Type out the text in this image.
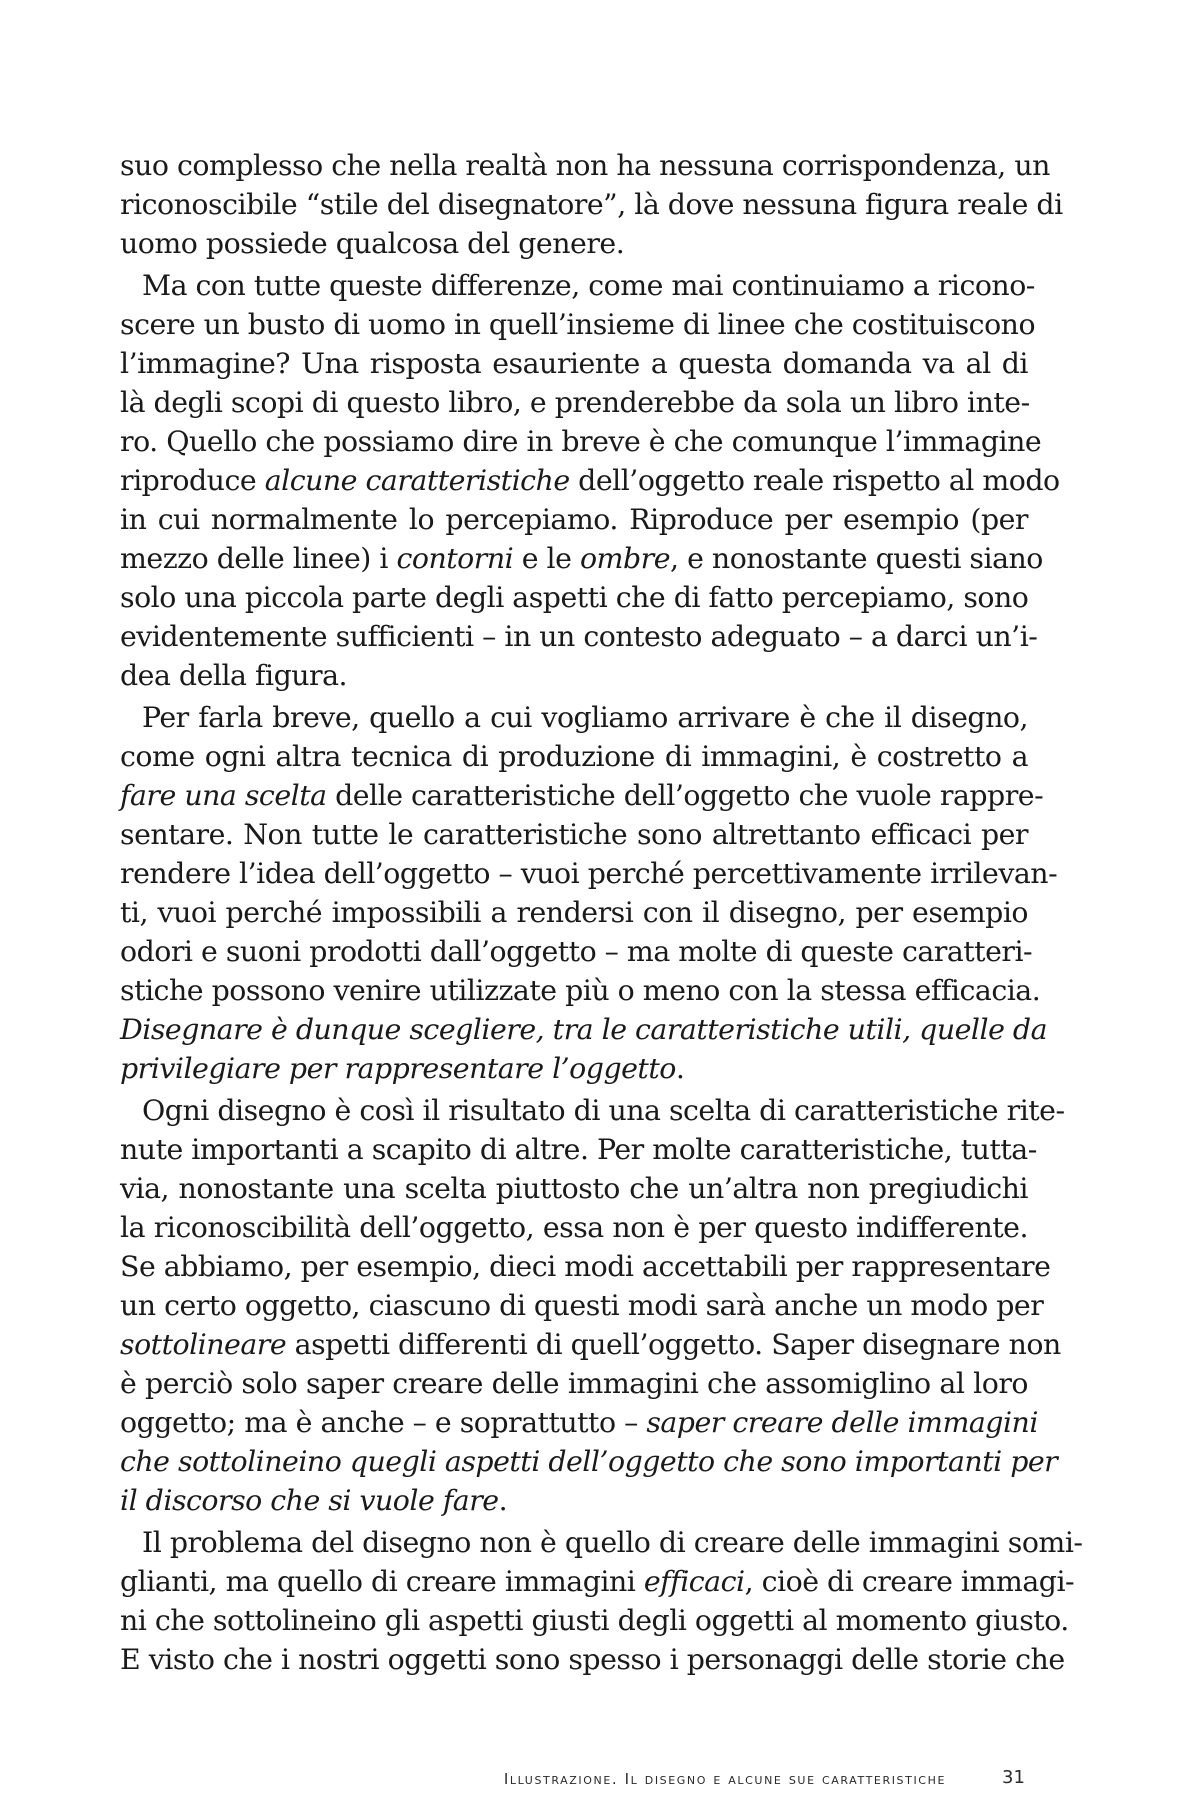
suo complesso che nella realtà non ha nessuna corrispondenza, un
riconoscibile “stile del disegnatore”, là dove nessuna figura reale di
uomo possiede qualcosa del genere.
Ma con tutte queste differenze, come mai continuiamo a ricono-
scere un busto di uomo in quell’insieme di linee che costituiscono
l’immagine? Una risposta esauriente a questa domanda va al di
là degli scopi di questo libro, e prenderebbe da sola un libro inte-
ro. Quello che possiamo dire in breve è che comunque l’immagine
riproduce alcune caratteristiche dell’oggetto reale rispetto al modo
in cui normalmente lo percepiamo. Riproduce per esempio (per
mezzo delle linee) i contorni e le ombre, e nonostante questi siano
solo una piccola parte degli aspetti che di fatto percepiamo, sono
evidentemente sufficienti – in un contesto adeguato – a darci un’i-
dea della figura.
Per farla breve, quello a cui vogliamo arrivare è che il disegno,
come ogni altra tecnica di produzione di immagini, è costretto a
fare una scelta delle caratteristiche dell’oggetto che vuole rappre-
sentare. Non tutte le caratteristiche sono altrettanto efficaci per
rendere l’idea dell’oggetto – vuoi perché percettivamente irrilevan-
ti, vuoi perché impossibili a rendersi con il disegno, per esempio
odori e suoni prodotti dall’oggetto – ma molte di queste caratteri-
stiche possono venire utilizzate più o meno con la stessa efficacia.
Disegnare è dunque scegliere, tra le caratteristiche utili, quelle da
privilegiare per rappresentare l’oggetto.
Ogni disegno è così il risultato di una scelta di caratteristiche rite-
nute importanti a scapito di altre. Per molte caratteristiche, tutta-
via, nonostante una scelta piuttosto che un’altra non pregiudichi
la riconoscibilità dell’oggetto, essa non è per questo indifferente.
Se abbiamo, per esempio, dieci modi accettabili per rappresentare
un certo oggetto, ciascuno di questi modi sarà anche un modo per
sottolineare aspetti differenti di quell’oggetto. Saper disegnare non
è perciò solo saper creare delle immagini che assomiglino al loro
oggetto; ma è anche – e soprattutto – saper creare delle immagini
che sottolineino quegli aspetti dell’oggetto che sono importanti per
il discorso che si vuole fare.
Il problema del disegno non è quello di creare delle immagini somi-
glianti, ma quello di creare immagini efficaci, cioè di creare immagi-
ni che sottolineino gli aspetti giusti degli oggetti al momento giusto.
E visto che i nostri oggetti sono spesso i personaggi delle storie che
Illustrazione. Il disegno e alcune sue caratteristiche	31
